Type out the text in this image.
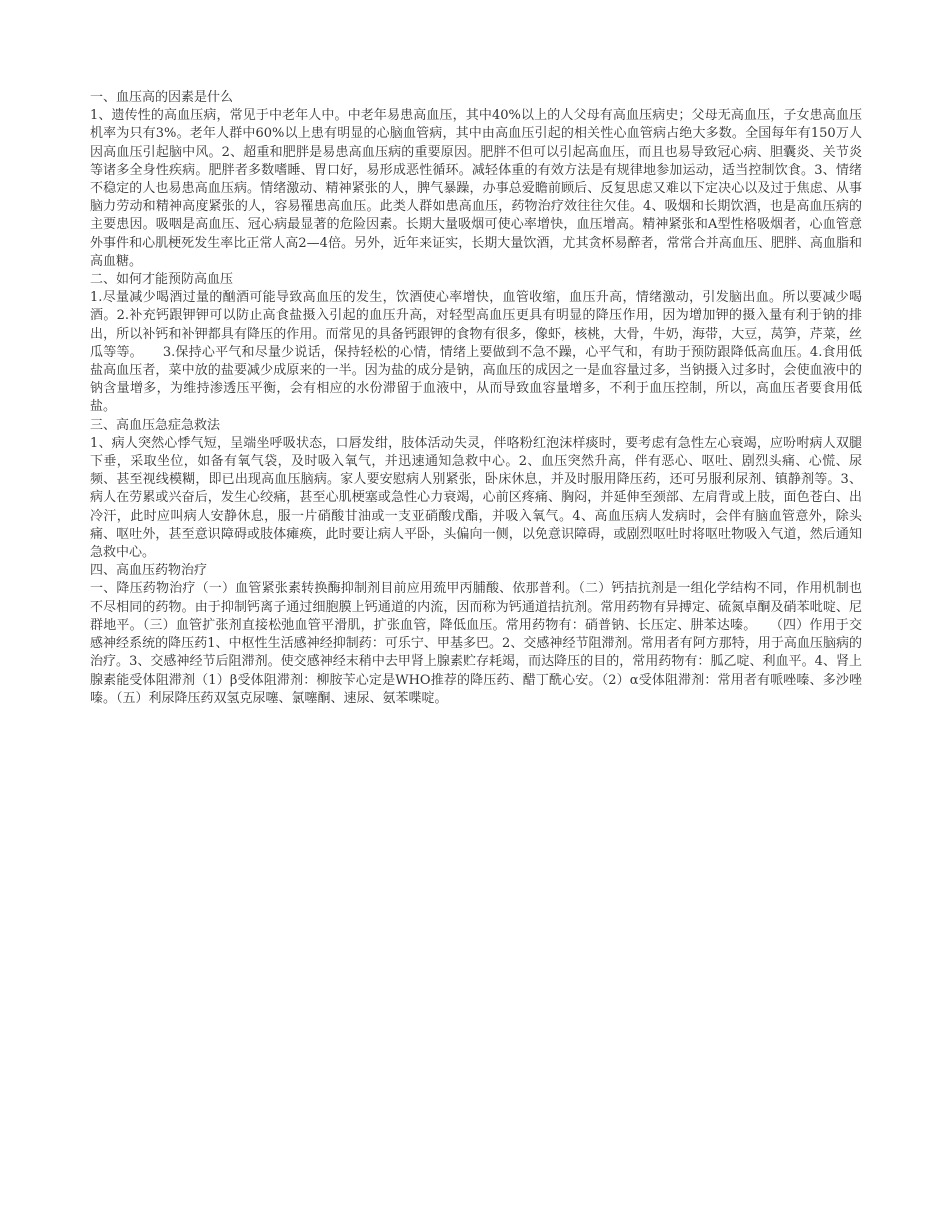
一、血压高的因素是什么

1、遗传性的高血压病，常见于中老年人中。中老年易患高血压，其中40%以上的人父母有高血压病史；父母无高血压，子女患高血压机率为只有3%。老年人群中60%以上患有明显的心脑血管病，其中由高血压引起的相关性心血管病占绝大多数。全国每年有150万人因高血压引起脑中风。2、超重和肥胖是易患高血压病的重要原因。肥胖不但可以引起高血压，而且也易导致冠心病、胆囊炎、关节炎等诸多全身性疾病。肥胖者多数嗜睡、胃口好，易形成恶性循环。减轻体重的有效方法是有规律地参加运动，适当控制饮食。3、情绪不稳定的人也易患高血压病。情绪激动、精神紧张的人，脾气暴躁，办事总爱瞻前顾后、反复思虑又难以下定决心以及过于焦虑、从事脑力劳动和精神高度紧张的人，容易罹患高血压。此类人群如患高血压，药物治疗效往往欠佳。4、吸烟和长期饮酒，也是高血压病的主要患因。吸咽是高血压、冠心病最显著的危险因素。长期大量吸烟可使心率增快，血压增高。精神紧张和A型性格吸烟者，心血管意外事件和心肌梗死发生率比正常人高2—4倍。另外，近年来证实，长期大量饮酒，尤其贪杯易醉者，常常合并高血压、肥胖、高血脂和高血糖。

二、如何才能预防高血压

1.尽量减少喝酒过量的酗酒可能导致高血压的发生，饮酒使心率增快，血管收缩，血压升高，情绪激动，引发脑出血。所以要减少喝酒。2.补充钙跟钾钾可以防止高食盐摄入引起的血压升高，对轻型高血压更具有明显的降压作用，因为增加钾的摄入量有利于钠的排出，所以补钙和补钾都具有降压的作用。而常见的具备钙跟钾的食物有很多，像虾，核桃，大骨，牛奶，海带，大豆，莴笋，芹菜，丝瓜等等。　　3.保持心平气和尽量少说话，保持轻松的心情，情绪上要做到不急不躁，心平气和，有助于预防跟降低高血压。4.食用低盐高血压者，菜中放的盐要减少成原来的一半。因为盐的成分是钠，高血压的成因之一是血容量过多，当钠摄入过多时，会使血液中的钠含量增多，为维持渗透压平衡，会有相应的水份滞留于血液中，从而导致血容量增多，不利于血压控制，所以，高血压者要食用低盐。

三、高血压急症急救法

1、病人突然心悸气短，呈端坐呼吸状态，口唇发绀，肢体活动失灵，伴咯粉红泡沫样痰时，要考虑有急性左心衰竭，应吩咐病人双腿下垂，采取坐位，如备有氧气袋，及时吸入氧气，并迅速通知急救中心。2、血压突然升高，伴有恶心、呕吐、剧烈头痛、心慌、尿频、甚至视线模糊，即已出现高血压脑病。家人要安慰病人别紧张，卧床休息，并及时服用降压药，还可另服利尿剂、镇静剂等。3、病人在劳累或兴奋后，发生心绞痛，甚至心肌梗塞或急性心力衰竭，心前区疼痛、胸闷，并延伸至颈部、左肩背或上肢，面色苍白、出冷汗，此时应叫病人安静休息，服一片硝酸甘油或一支亚硝酸戊酯，并吸入氧气。4、高血压病人发病时，会伴有脑血管意外，除头痛、呕吐外，甚至意识障碍或肢体瘫痪，此时要让病人平卧，头偏向一侧，以免意识障碍，或剧烈呕吐时将呕吐物吸入气道，然后通知急救中心。

四、高血压药物治疗

一、降压药物治疗（一）血管紧张素转换酶抑制剂目前应用巯甲丙脯酸、依那普利。（二）钙拮抗剂是一组化学结构不同，作用机制也不尽相同的药物。由于抑制钙离子通过细胞膜上钙通道的内流，因而称为钙通道拮抗剂。常用药物有异搏定、硫氮卓酮及硝苯吡啶、尼群地平。（三）血管扩张剂直接松弛血管平滑肌，扩张血管，降低血压。常用药物有：硝普钠、长压定、肼苯达嗪。　　（四）作用于交感神经系统的降压药1、中枢性生活感神经抑制药：可乐宁、甲基多巴。2、交感神经节阻滞剂。常用者有阿方那特，用于高血压脑病的治疗。3、交感神经节后阻滞剂。使交感神经末稍中去甲肾上腺素贮存耗竭，而达降压的目的，常用药物有：胍乙啶、利血平。4、肾上腺素能受体阻滞剂（1）β受体阻滞剂：柳胺苄心定是WHO推荐的降压药、醋丁酰心安。（2）α受体阻滞剂：常用者有哌唑嗪、多沙唑嗪。（五）利尿降压药双氢克尿噻、氯噻酮、速尿、氨苯喋啶。
